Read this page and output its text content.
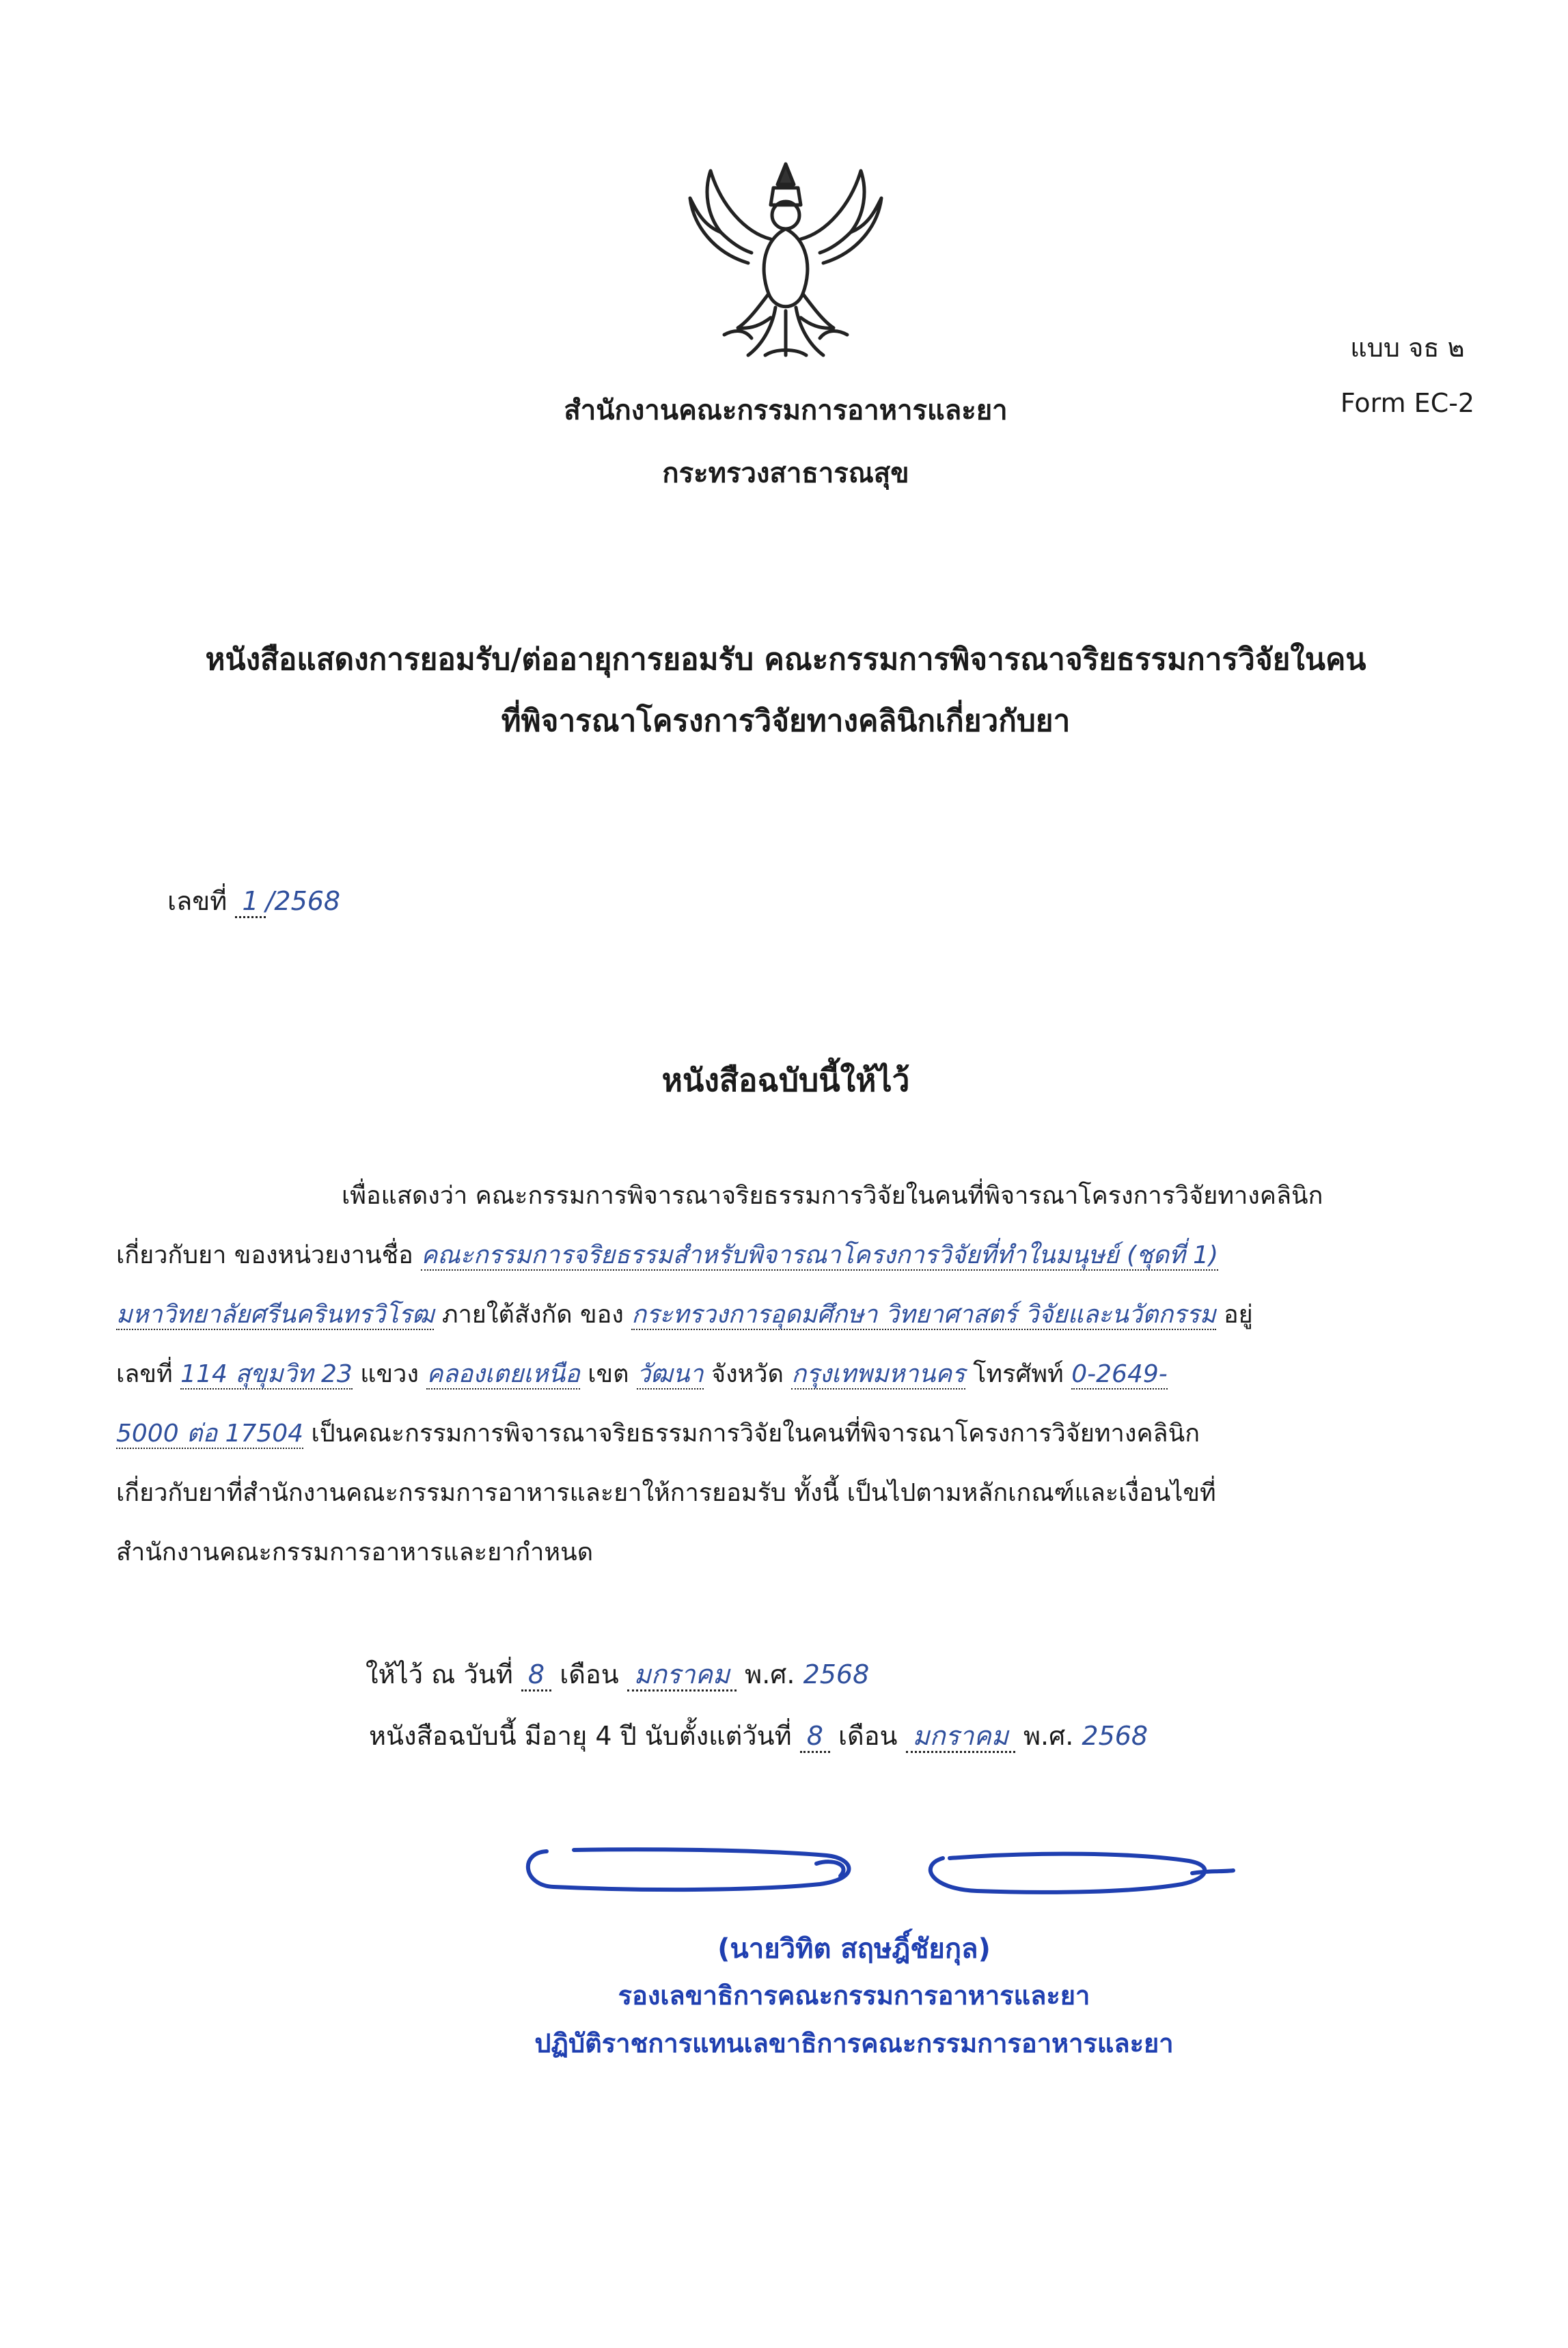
แบบ จธ ๒
Form EC-2
สำนักงานคณะกรรมการอาหารและยา
กระทรวงสาธารณสุข
หนังสือแสดงการยอมรับ/ต่ออายุการยอมรับ คณะกรรมการพิจารณาจริยธรรมการวิจัยในคน
ที่พิจารณาโครงการวิจัยทางคลินิกเกี่ยวกับยา
เลขที่ 1 /2568
หนังสือฉบับนี้ให้ไว้

เพื่อแสดงว่า คณะกรรมการพิจารณาจริยธรรมการวิจัยในคนที่พิจารณาโครงการวิจัยทางคลินิก

เกี่ยวกับยา ของหน่วยงานชื่อ คณะกรรมการจริยธรรมสำหรับพิจารณาโครงการวิจัยที่ทำในมนุษย์ (ชุดที่ 1)

มหาวิทยาลัยศรีนครินทรวิโรฒ ภายใต้สังกัด ของ กระทรวงการอุดมศึกษา วิทยาศาสตร์ วิจัยและนวัตกรรม อยู่

เลขที่ 114 สุขุมวิท 23 แขวง คลองเตยเหนือ เขต วัฒนา จังหวัด กรุงเทพมหานคร โทรศัพท์ 0-2649-

5000 ต่อ 17504 เป็นคณะกรรมการพิจารณาจริยธรรมการวิจัยในคนที่พิจารณาโครงการวิจัยทางคลินิก

เกี่ยวกับยาที่สำนักงานคณะกรรมการอาหารและยาให้การยอมรับ ทั้งนี้ เป็นไปตามหลักเกณฑ์และเงื่อนไขที่

สำนักงานคณะกรรมการอาหารและยากำหนด

ให้ไว้ ณ วันที่ 8 เดือน มกราคม พ.ศ. 2568
หนังสือฉบับนี้ มีอายุ 4 ปี นับตั้งแต่วันที่ 8 เดือน มกราคม พ.ศ. 2568
(นายวิทิต สฤษฎิ์ชัยกุล)
รองเลขาธิการคณะกรรมการอาหารและยา
ปฏิบัติราชการแทนเลขาธิการคณะกรรมการอาหารและยา
